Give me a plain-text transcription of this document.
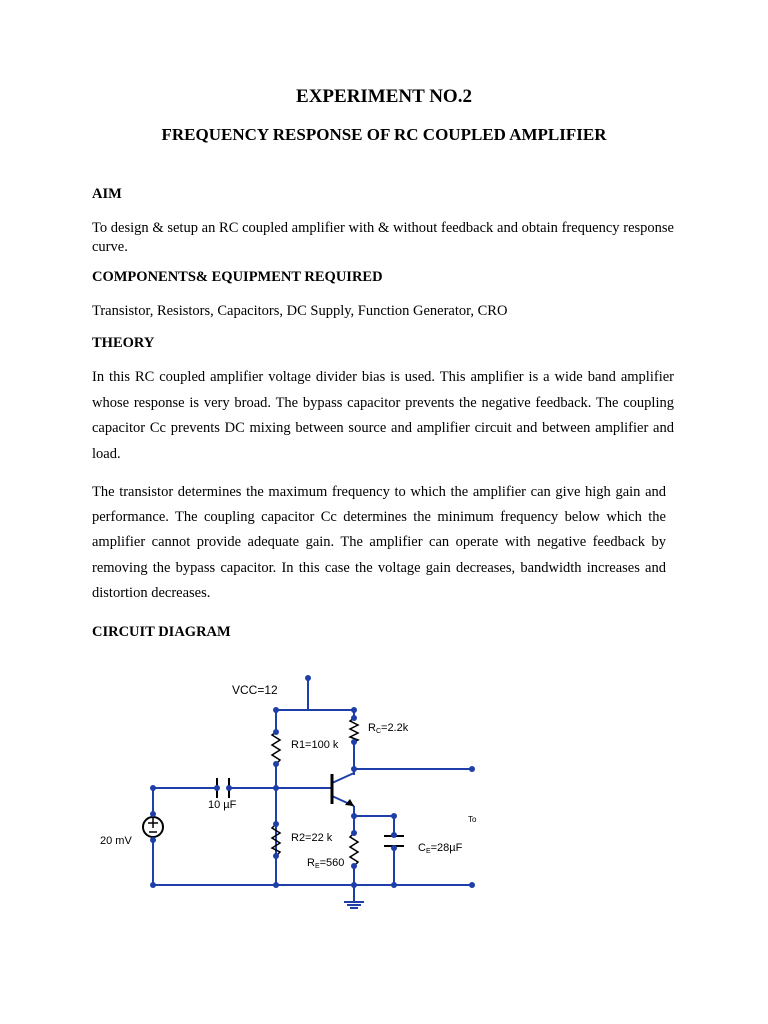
EXPERIMENT NO.2
FREQUENCY RESPONSE OF RC COUPLED AMPLIFIER
AIM

To design & setup an RC coupled amplifier with & without feedback and obtain frequency response curve.

COMPONENTS& EQUIPMENT REQUIRED

Transistor, Resistors, Capacitors, DC Supply, Function Generator, CRO

THEORY

In this RC coupled amplifier voltage divider bias is used. This amplifier is a wide band amplifier whose response is very broad. The bypass capacitor prevents the negative feedback. The coupling capacitor Cc prevents DC mixing between source and amplifier circuit and between amplifier and load.

The transistor determines the maximum frequency to which the amplifier can give high gain and performance. The coupling capacitor Cc determines the minimum frequency below which the amplifier cannot provide adequate gain. The amplifier can operate with negative feedback by removing the bypass capacitor. In this case the voltage gain decreases, bandwidth increases and distortion decreases.

CIRCUIT DIAGRAM
VCC=12
R1=100 k
RC=2.2k
R2=22 k
RE=560
CE=28µF
10 µF
20 mV
To
